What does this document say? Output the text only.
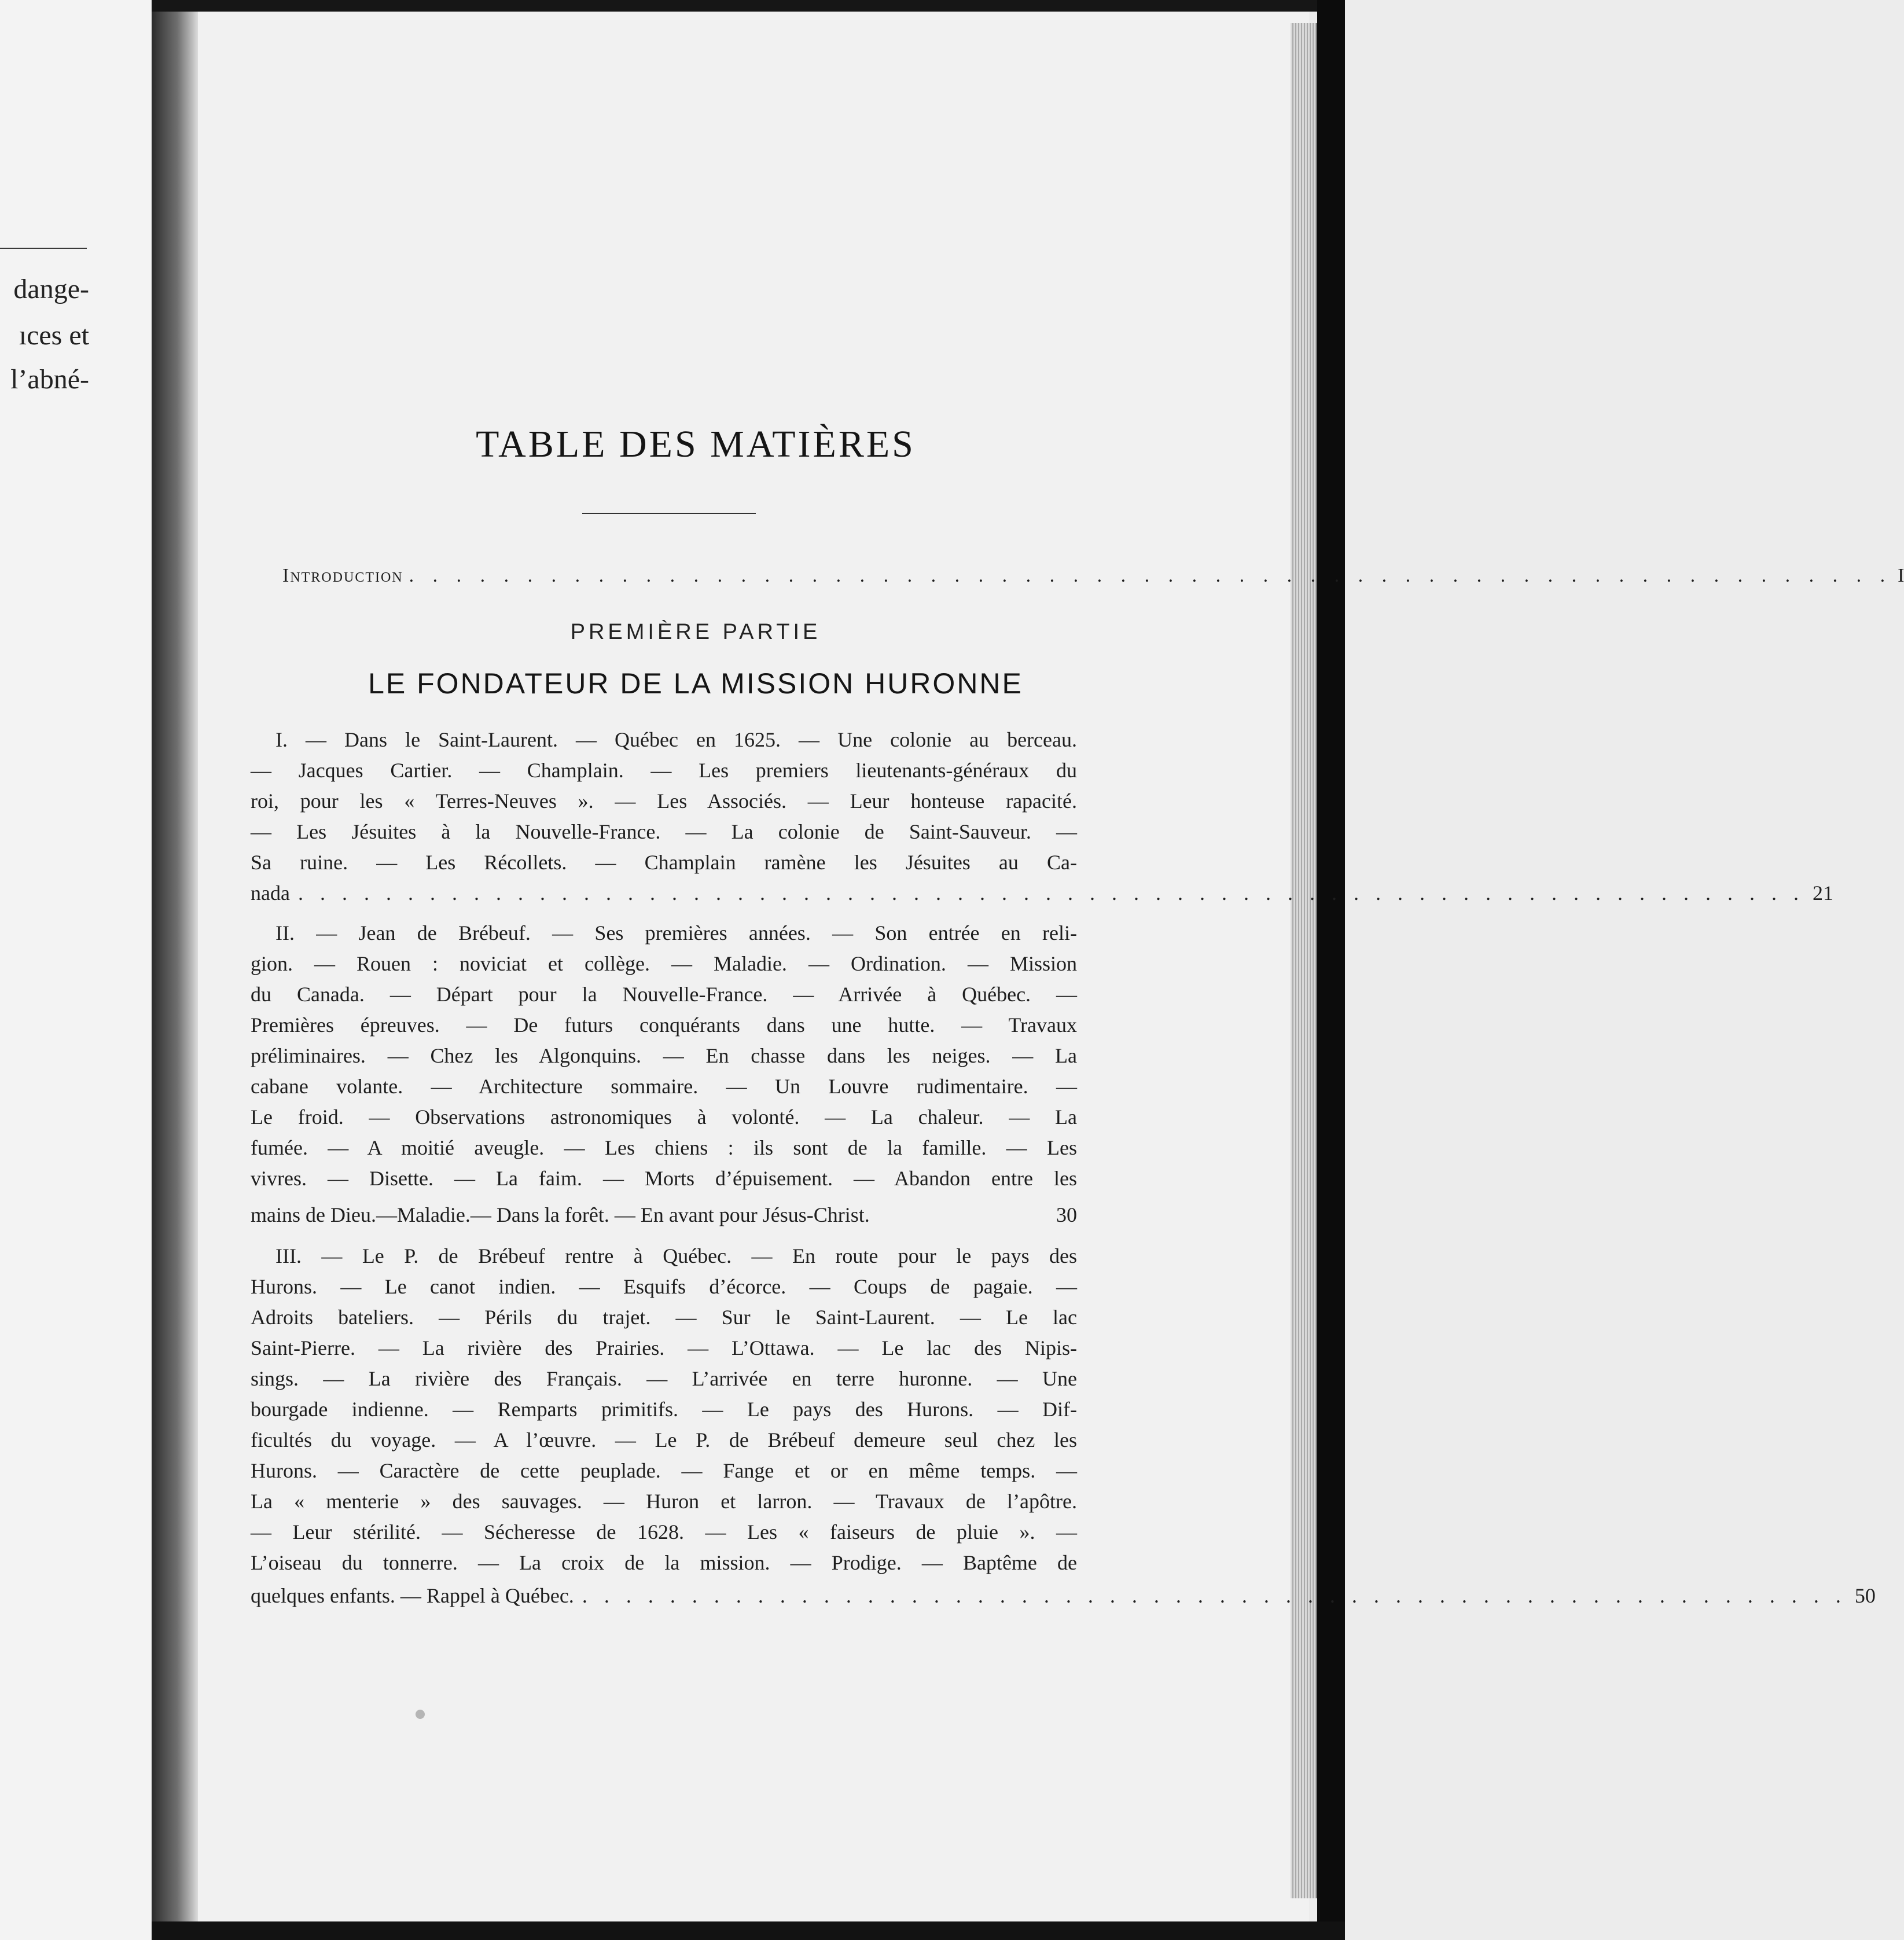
dange-
ıces et
l’abné-
TABLE DES MATIÈRES
Introduction . . . . . . . . . . . . . . . . . . . . . . . . . . . . . . . . . . . . . . . . . . . . . . . . . . . . . . . . . . . . . . . I
PREMIÈRE PARTIE
LE FONDATEUR DE LA MISSION HURONNE
I. — Dans le Saint-Laurent. — Québec en 1625. — Une colonie au berceau.
— Jacques Cartier. — Champlain. — Les premiers lieutenants-généraux du
roi, pour les « Terres-Neuves ». — Les Associés. — Leur honteuse rapacité.
— Les Jésuites à la Nouvelle-France. — La colonie de Saint-Sauveur. —
Sa ruine. — Les Récollets. — Champlain ramène les Jésuites au Ca-
nada . . . . . . . . . . . . . . . . . . . . . . . . . . . . . . . . . . . . . . . . . . . . . . . . . . . . . . . . . . . . . . . . . . . . . 21
II. — Jean de Brébeuf. — Ses premières années. — Son entrée en reli-
gion. — Rouen : noviciat et collège. — Maladie. — Ordination. — Mission
du Canada. — Départ pour la Nouvelle-France. — Arrivée à Québec. —
Premières épreuves. — De futurs conquérants dans une hutte. — Travaux
préliminaires. — Chez les Algonquins. — En chasse dans les neiges. — La
cabane volante. — Architecture sommaire. — Un Louvre rudimentaire. —
Le froid. — Observations astronomiques à volonté. — La chaleur. — La
fumée. — A moitié aveugle. — Les chiens : ils sont de la famille. — Les
vivres. — Disette. — La faim. — Morts d’épuisement. — Abandon entre les
mains de Dieu.—Maladie.— Dans la forêt. — En avant pour Jésus-Christ.	30
III. — Le P. de Brébeuf rentre à Québec. — En route pour le pays des
Hurons. — Le canot indien. — Esquifs d’écorce. — Coups de pagaie. —
Adroits bateliers. — Périls du trajet. — Sur le Saint-Laurent. — Le lac
Saint-Pierre. — La rivière des Prairies. — L’Ottawa. — Le lac des Nipis-
sings. — La rivière des Français. — L’arrivée en terre huronne. — Une
bourgade indienne. — Remparts primitifs. — Le pays des Hurons. — Dif-
ficultés du voyage. — A l’œuvre. — Le P. de Brébeuf demeure seul chez les
Hurons. — Caractère de cette peuplade. — Fange et or en même temps. —
La « menterie » des sauvages. — Huron et larron. — Travaux de l’apôtre.
— Leur stérilité. — Sécheresse de 1628. — Les « faiseurs de pluie ». —
L’oiseau du tonnerre. — La croix de la mission. — Prodige. — Baptême de
quelques enfants. — Rappel à Québec. . . . . . . . . . . . . . . . . . . . . . . . . . . . . . . . . . . . . . . . . . . . . . . . . . . . . . . . . . . 50
